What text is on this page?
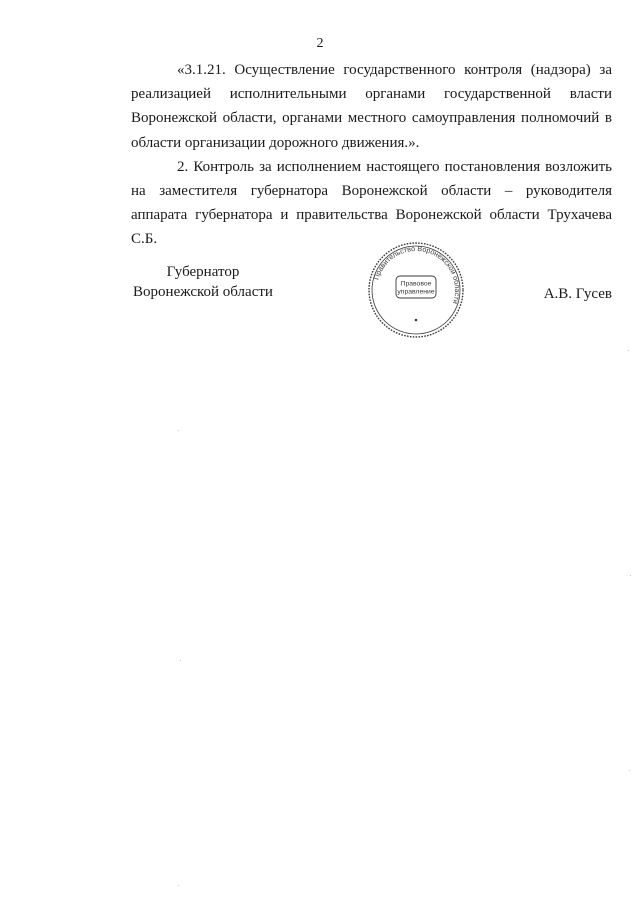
2

«3.1.21. Осуществление государственного контроля (надзора) за реализацией исполнительными органами государственной власти Воронежской области, органами местного самоуправления полномочий в области организации дорожного движения.».

2. Контроль за исполнением настоящего постановления возложить на заместителя губернатора Воронежской области – руководителя аппарата губернатора и правительства Воронежской области Трухачева С.Б.

Губернатор
Воронежской области
Правительство Воронежской области
Правовое
управление	А.В. Гусев
